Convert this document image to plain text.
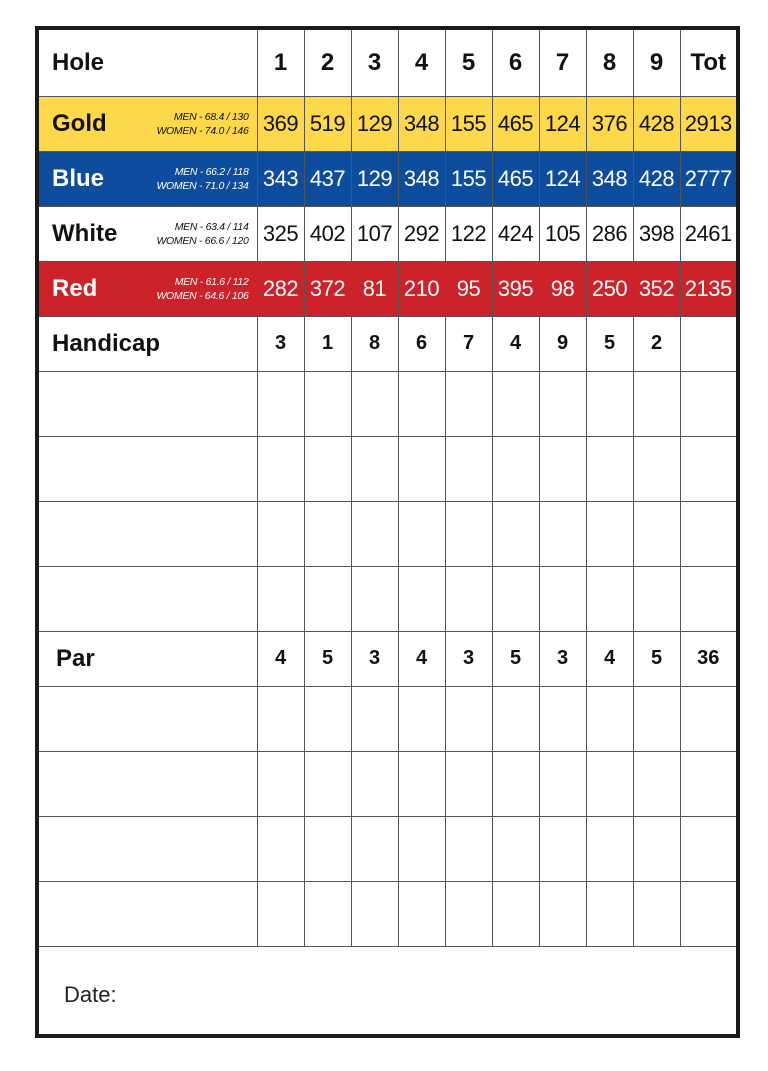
Hole	1	2	3	4	5	6	7	8	9	Tot

Gold MEN - 68.4 / 130
WOMEN - 74.0 / 146	369	519	129	348	155	465	124	376	428	2913

Blue MEN - 66.2 / 118
WOMEN - 71.0 / 134	343	437	129	348	155	465	124	348	428	2777

White MEN - 63.4 / 114
WOMEN - 66.6 / 120	325	402	107	292	122	424	105	286	398	2461

Red MEN - 61.6 / 112
WOMEN - 64.6 / 106	282	372	81	210	95	395	98	250	352	2135
Handicap	3	1	8	6	7	4	9	5	2	

Par	4	5	3	4	3	5	3	4	5	36

Date:										
